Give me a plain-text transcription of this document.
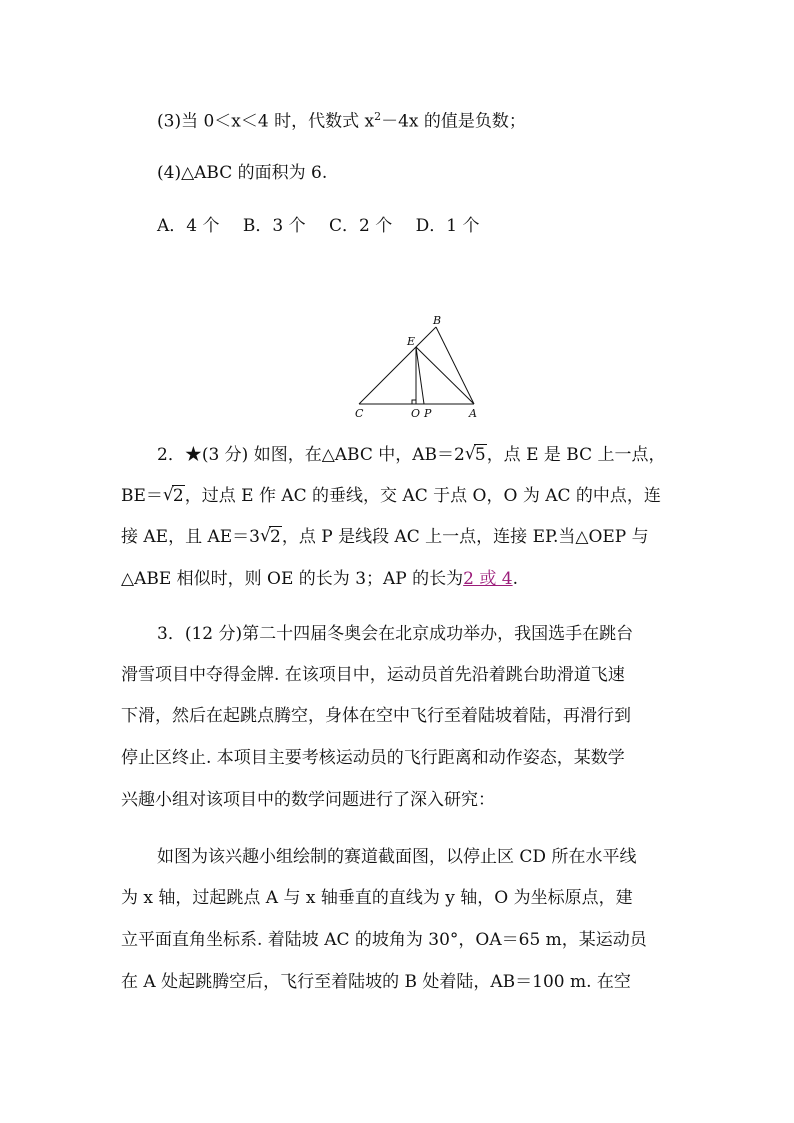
(3)当 0＜x＜4 时，代数式 $x^2-4x$ 的值是负数；
(4)△ABC 的面积为 6.
A．4 个 B．3 个 C．2 个 D．1 个
B
E
C	O P	A
2．★(3 分) 如图，在△ABC 中，AB＝2 √ 5，点 E 是 BC 上一点，
BE＝ √ 2，过点 E 作 AC 的垂线，交 AC 于点 O，O 为 AC 的中点，连
接 AE，且 AE＝3 √ 2，点 P 是线段 AC 上一点，连接 EP.当△OEP 与
△ABE 相似时，则 OE 的长为 3；AP 的长为2 或 4.
3．(12 分)第二十四届冬奥会在北京成功举办，我国选手在跳台
滑雪项目中夺得金牌. 在该项目中，运动员首先沿着跳台助滑道飞速
下滑，然后在起跳点腾空，身体在空中飞行至着陆坡着陆，再滑行到
停止区终止. 本项目主要考核运动员的飞行距离和动作姿态，某数学
兴趣小组对该项目中的数学问题进行了深入研究：
如图为该兴趣小组绘制的赛道截面图，以停止区 CD 所在水平线
为 x 轴，过起跳点 A 与 x 轴垂直的直线为 y 轴，O 为坐标原点，建
立平面直角坐标系. 着陆坡 AC 的坡角为 30°，OA＝65 m，某运动员
在 A 处起跳腾空后，飞行至着陆坡的 B 处着陆，AB＝100 m. 在空
